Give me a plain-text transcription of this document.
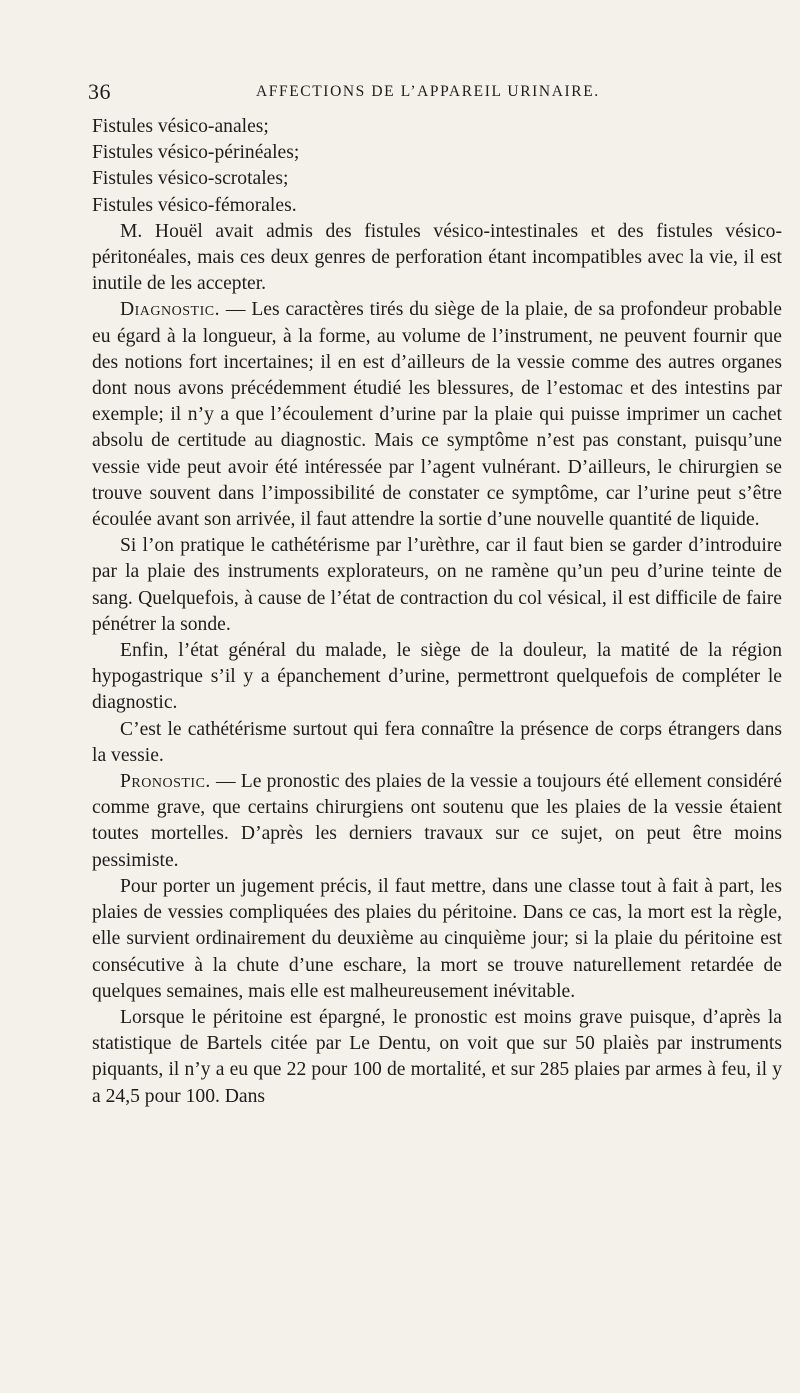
36	AFFECTIONS DE L’APPAREIL URINAIRE.

Fistules vésico-anales;

Fistules vésico-périnéales;

Fistules vésico-scrotales;

Fistules vésico-fémorales.

M. Houël avait admis des fistules vésico-intestinales et des fistules vésico-péritonéales, mais ces deux genres de perforation étant incompatibles avec la vie, il est inutile de les accepter.

Diagnostic. — Les caractères tirés du siège de la plaie, de sa profondeur probable eu égard à la longueur, à la forme, au volume de l’instrument, ne peuvent fournir que des notions fort incertaines; il en est d’ailleurs de la vessie comme des autres organes dont nous avons précédemment étudié les blessures, de l’estomac et des intestins par exemple; il n’y a que l’écoulement d’urine par la plaie qui puisse imprimer un cachet absolu de certitude au diagnostic. Mais ce symptôme n’est pas constant, puisqu’une vessie vide peut avoir été intéressée par l’agent vulnérant. D’ailleurs, le chirurgien se trouve souvent dans l’impossibilité de constater ce symptôme, car l’urine peut s’être écoulée avant son arrivée, il faut attendre la sortie d’une nouvelle quantité de liquide.

Si l’on pratique le cathétérisme par l’urèthre, car il faut bien se garder d’introduire par la plaie des instruments explorateurs, on ne ramène qu’un peu d’urine teinte de sang. Quelquefois, à cause de l’état de contraction du col vésical, il est difficile de faire pénétrer la sonde.

Enfin, l’état général du malade, le siège de la douleur, la matité de la région hypogastrique s’il y a épanchement d’urine, permettront quelquefois de compléter le diagnostic.

C’est le cathétérisme surtout qui fera connaître la présence de corps étrangers dans la vessie.

Pronostic. — Le pronostic des plaies de la vessie a toujours été ellement considéré comme grave, que certains chirurgiens ont soutenu que les plaies de la vessie étaient toutes mortelles. D’après les derniers travaux sur ce sujet, on peut être moins pessimiste.

Pour porter un jugement précis, il faut mettre, dans une classe tout à fait à part, les plaies de vessies compliquées des plaies du péritoine. Dans ce cas, la mort est la règle, elle survient ordinairement du deuxième au cinquième jour; si la plaie du péritoine est consécutive à la chute d’une eschare, la mort se trouve naturellement retardée de quelques semaines, mais elle est malheureusement inévitable.

Lorsque le péritoine est épargné, le pronostic est moins grave puisque, d’après la statistique de Bartels citée par Le Dentu, on voit que sur 50 plaiès par instruments piquants, il n’y a eu que 22 pour 100 de mortalité, et sur 285 plaies par armes à feu, il y a 24,5 pour 100. Dans
